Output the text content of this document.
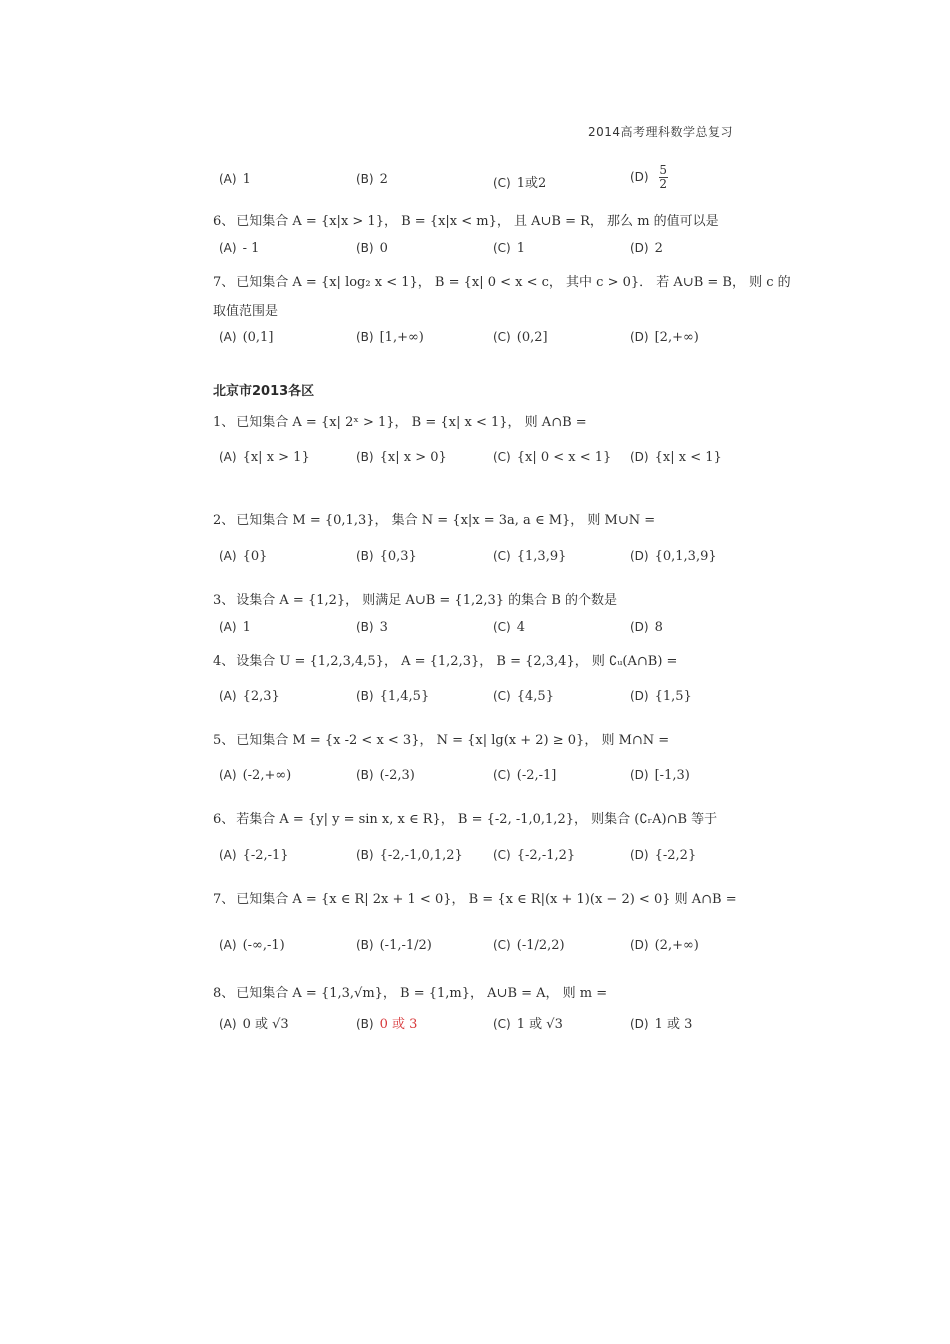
2014高考理科数学总复习
(A) 1	(B) 2	(C) 1或2	$(D) \frac{5}{2}$
6、 已知集合 A = {x|x > 1}， B = {x|x < m}， 且 A∪B = R， 那么 m 的值可以是
(A) - 1	(B) 0	(C) 1	(D) 2
7、 已知集合 A = {x| log₂ x < 1}， B = {x| 0 < x < c， 其中 c > 0}． 若 A∪B = B， 则 c 的
取值范围是
(A) (0,1]	(B) [1,+∞)	(C) (0,2]	(D) [2,+∞)
北京市2013各区
1、 已知集合 A = {x| 2ˣ > 1}， B = {x| x < 1}， 则 A∩B =
(A) {x| x > 1}	(B) {x| x > 0}	(C) {x| 0 < x < 1} (D) {x| x < 1}
2、 已知集合 M = {0,1,3}， 集合 N = {x|x = 3a, a ∈ M}， 则 M∪N =
(A) {0}	(B) {0,3}	(C) {1,3,9}	(D) {0,1,3,9}
3、 设集合 A = {1,2}， 则满足 A∪B = {1,2,3} 的集合 B 的个数是
(A) 1	(B) 3	(C) 4	(D) 8
4、 设集合 U = {1,2,3,4,5}， A = {1,2,3}， B = {2,3,4}， 则 ∁ᵤ(A∩B) =
(A) {2,3}	(B) {1,4,5}	(C) {4,5}	(D) {1,5}
5、 已知集合 M = {x -2 < x < 3}， N = {x| lg(x + 2) ≥ 0}， 则 M∩N =
(A) (-2,+∞)	(B) (-2,3)	(C) (-2,-1]	(D) [-1,3)
6、 若集合 A = {y| y = sin x, x ∈ R}， B = {-2, -1,0,1,2}， 则集合 (∁ᵣA)∩B 等于
(A) {-2,-1}	(B) {-2,-1,0,1,2}	(C) {-2,-1,2}	(D) {-2,2}
7、 已知集合 A = {x ∈ R| 2x + 1 < 0}， B = {x ∈ R|(x + 1)(x − 2) < 0} 则 A∩B =
(A) (-∞,-1)	(B) (-1,-1/2)	(C) (-1/2,2)	(D) (2,+∞)
8、 已知集合 A = {1,3,√m}， B = {1,m}， A∪B = A， 则 m =
(A) 0 或 √3	(B) 0 或 3	(C) 1 或 √3	(D) 1 或 3
